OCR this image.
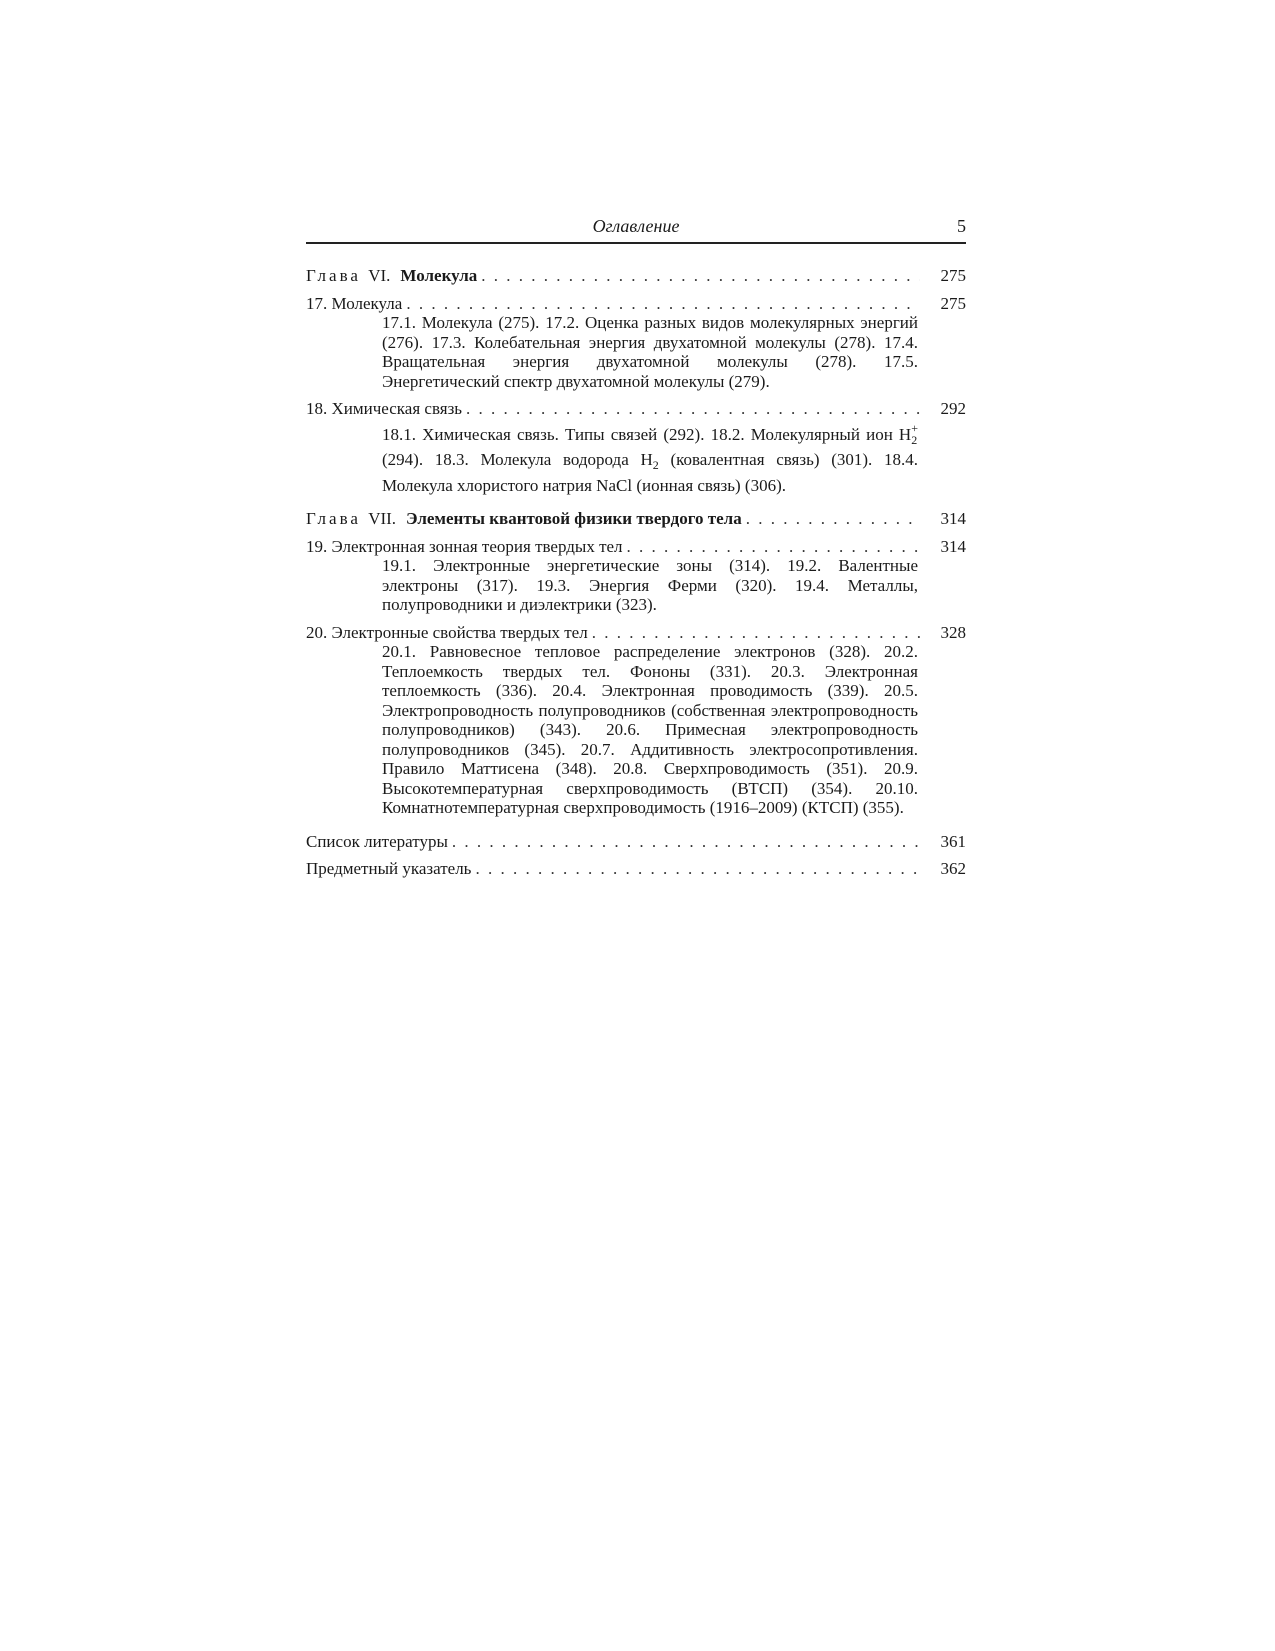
Оглавление	5
Глава VI. Молекула . . .	275
17. Молекула . . .	275
17.1. Молекула (275). 17.2. Оценка разных видов молекулярных энергий (276). 17.3. Колебательная энергия двухатомной молекулы (278). 17.4. Вращательная энергия двухатомной молекулы (278). 17.5. Энергетический спектр двухатомной молекулы (279).
18. Химическая связь . . .	292
18.1. Химическая связь. Типы связей (292). 18.2. Молекулярный ион $H_2^+$ (294). 18.3. Молекула водорода $H_2$ (ковалентная связь) (301). 18.4. Молекула хлористого натрия NaCl (ионная связь) (306).
Глава VII. Элементы квантовой физики твердого тела . . .	314
19. Электронная зонная теория твердых тел . . .	314
19.1. Электронные энергетические зоны (314). 19.2. Валентные электроны (317). 19.3. Энергия Ферми (320). 19.4. Металлы, полупроводники и диэлектрики (323).
20. Электронные свойства твердых тел . . .	328
20.1. Равновесное тепловое распределение электронов (328). 20.2. Теплоемкость твердых тел. Фононы (331). 20.3. Электронная теплоемкость (336). 20.4. Электронная проводимость (339). 20.5. Электропроводность полупроводников (собственная электропроводность полупроводников) (343). 20.6. Примесная электропроводность полупроводников (345). 20.7. Аддитивность электросопротивления. Правило Маттисена (348). 20.8. Сверхпроводимость (351). 20.9. Высокотемпературная сверхпроводимость (ВТСП) (354). 20.10. Комнатнотемпературная сверхпроводимость (1916–2009) (КТСП) (355).
Список литературы . . .	361
Предметный указатель . . .	362
